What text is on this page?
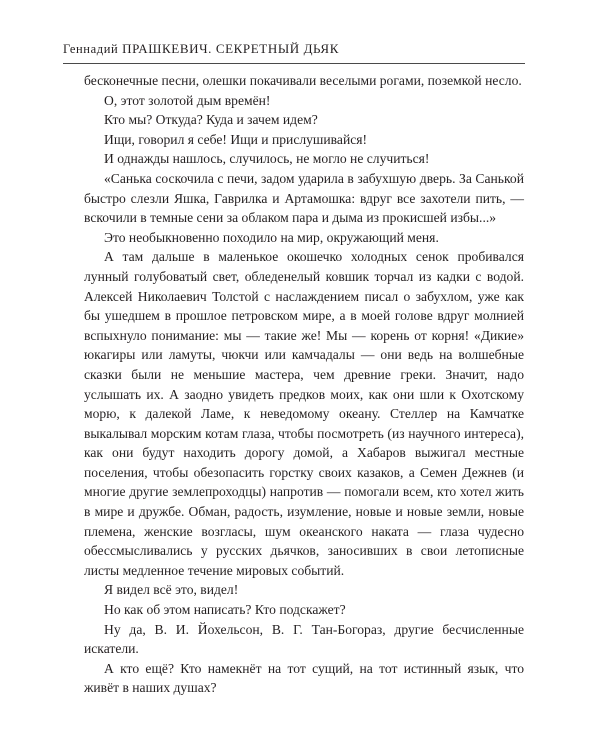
Геннадий ПРАШКЕВИЧ. СЕКРЕТНЫЙ ДЬЯК

бесконечные песни, олешки покачивали веселыми рогами, поземкой несло.

О, этот золотой дым времён!

Кто мы? Откуда? Куда и зачем идем?

Ищи, говорил я себе! Ищи и прислушивайся!

И однажды нашлось, случилось, не могло не случиться!

«Санька соскочила с печи, задом ударила в забухшую дверь. За Санькой быстро слезли Яшка, Гаврилка и Артамошка: вдруг все захотели пить, — вскочили в темные сени за облаком пара и дыма из прокисшей избы...»

Это необыкновенно походило на мир, окружающий меня.

А там дальше в маленькое окошечко холодных сенок пробивался лунный голубоватый свет, обледенелый ковшик торчал из кадки с водой. Алексей Николаевич Толстой с наслаждением писал о забухлом, уже как бы ушедшем в прошлое петровском мире, а в моей голове вдруг молнией вспыхнуло понимание: мы — такие же! Мы — корень от корня! «Дикие» юкагиры или ламуты, чюкчи или камчадалы — они ведь на волшебные сказки были не меньшие мастера, чем древние греки. Значит, надо услышать их. А заодно увидеть предков моих, как они шли к Охотскому морю, к далекой Ламе, к неведомому океану. Стеллер на Камчатке выкалывал морским котам глаза, чтобы посмотреть (из научного интереса), как они будут находить дорогу домой, а Хабаров выжигал местные поселения, чтобы обезопасить горстку своих казаков, а Семен Дежнев (и многие другие землепроходцы) напротив — помогали всем, кто хотел жить в мире и дружбе. Обман, радость, изумление, новые и новые земли, новые племена, женские возгласы, шум океанского наката — глаза чудесно обессмысливались у русских дьячков, заносивших в свои летописные листы медленное течение мировых событий.

Я видел всё это, видел!

Но как об этом написать? Кто подскажет?

Ну да, В. И. Йохельсон, В. Г. Тан-Богораз, другие бесчисленные искатели.

А кто ещё? Кто намекнёт на тот сущий, на тот истинный язык, что живёт в наших душах?
